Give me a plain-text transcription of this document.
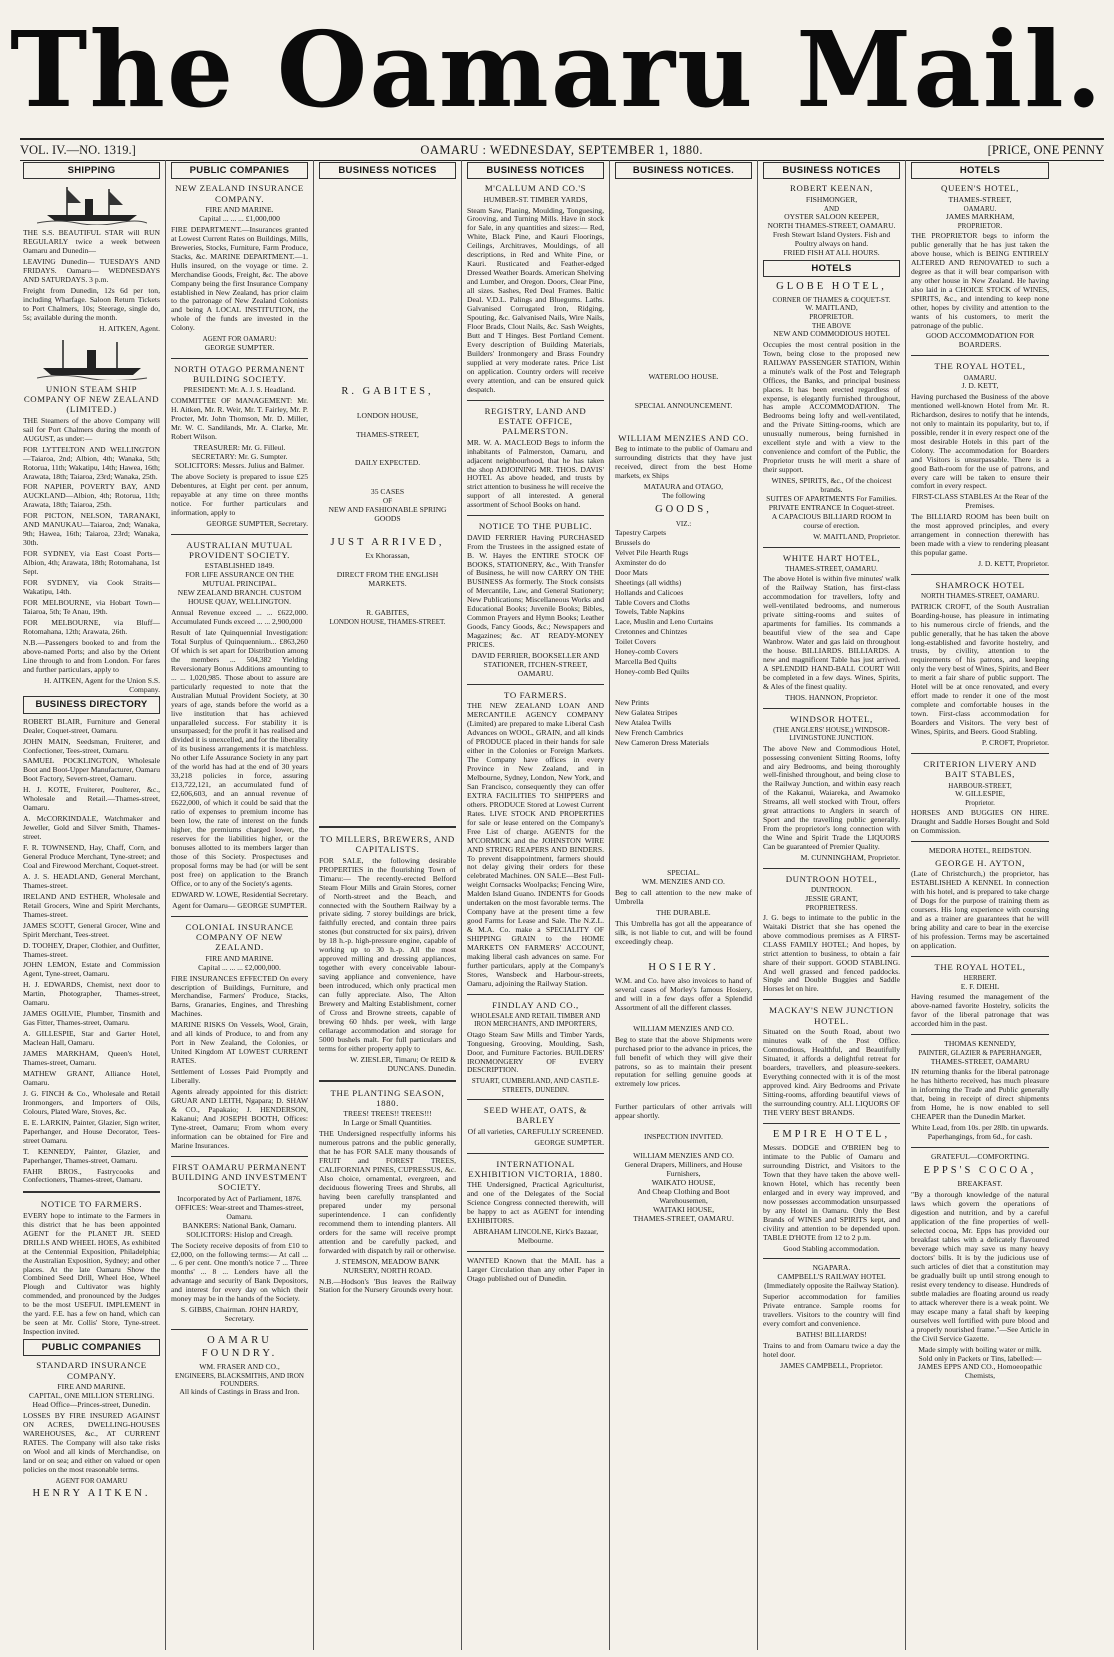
The Oamaru Mail.
VOL. IV.—NO. 1319.]	OAMARU : WEDNESDAY, SEPTEMBER 1, 1880.	[PRICE, ONE PENNY
SHIPPING

THE S.S. BEAUTIFUL STAR will RUN REGULARLY twice a week between Oamaru and Dunedin—

LEAVING Dunedin— TUESDAYS AND FRIDAYS. Oamaru— WEDNESDAYS AND SATURDAYS. 3 p.m.

Freight from Dunedin, 12s 6d per ton, including Wharfage. Saloon Return Tickets to Port Chalmers, 10s; Steerage, single do, 5s; available during the month.

H. AITKEN, Agent.
UNION STEAM SHIP COMPANY OF NEW ZEALAND (LIMITED.)

THE Steamers of the above Company will sail for Port Chalmers during the month of AUGUST, as under:—

FOR LYTTELTON AND WELLINGTON —Taiaroa, 2nd; Albion, 4th; Wanaka, 5th; Rotorua, 11th; Wakatipu, 14th; Hawea, 16th; Arawata, 18th; Taiaroa, 23rd; Wanaka, 25th.

FOR NAPIER, POVERTY BAY, AND AUCKLAND—Albion, 4th; Rotorua, 11th; Arawata, 18th; Taiaroa, 25th.

FOR PICTON, NELSON, TARANAKI, AND MANUKAU—Taiaroa, 2nd; Wanaka, 9th; Hawea, 16th; Taiaroa, 23rd; Wanaka, 30th.

FOR SYDNEY, via East Coast Ports—Albion, 4th; Arawata, 18th; Rotomahana, 1st Sept.

FOR SYDNEY, via Cook Straits—Wakatipu, 14th.

FOR MELBOURNE, via Hobart Town—Taiaroa, 5th; Te Anau, 19th.

FOR MELBOURNE, via Bluff—Rotomahana, 12th; Arawata, 26th.

N.B.—Passengers booked to and from the above-named Ports; and also by the Orient Line through to and from London. For fares and further particulars, apply to

H. AITKEN, Agent for the Union S.S. Company.
BUSINESS DIRECTORY

ROBERT BLAIR, Furniture and General Dealer, Coquet-street, Oamaru.

JOHN MAIN, Seedsman, Fruiterer, and Confectioner, Tees-street, Oamaru.

SAMUEL POCKLINGTON, Wholesale Boot and Boot-Upper Manufacturer, Oamaru Boot Factory, Severn-street, Oamaru.

H. J. KOTE, Fruiterer, Poulterer, &c., Wholesale and Retail.—Thames-street, Oamaru.

A. McCORKINDALE, Watchmaker and Jeweller, Gold and Silver Smith, Thames-street.

F. R. TOWNSEND, Hay, Chaff, Corn, and General Produce Merchant, Tyne-street; and Coal and Firewood Merchant, Coquet-street.

A. J. S. HEADLAND, General Merchant, Thames-street.

IRELAND AND ESTHER, Wholesale and Retail Grocers, Wine and Spirit Merchants, Thames-street.

JAMES SCOTT, General Grocer, Wine and Spirit Merchant, Tees-street.

D. TOOHEY, Draper, Clothier, and Outfitter, Thames-street.

JOHN LEMON, Estate and Commission Agent, Tyne-street, Oamaru.

H. J. EDWARDS, Chemist, next door to Martin, Photographer, Thames-street, Oamaru.

JAMES OGILVIE, Plumber, Tinsmith and Gas Fitter, Thames-street, Oamaru.

A. GILLESPIE, Star and Garter Hotel, Maclean Hall, Oamaru.

JAMES MARKHAM, Queen's Hotel, Thames-street, Oamaru.

MATHEW GRANT, Alliance Hotel, Oamaru.

J. G. FINCH & Co., Wholesale and Retail Ironmongers, and Importers of Oils, Colours, Plated Ware, Stoves, &c.

E. E. LARKIN, Painter, Glazier, Sign writer, Paperhanger, and House Decorator, Tees-street Oamaru.

T. KENNEDY, Painter, Glazier, and Paperhanger, Thames-street, Oamaru.

FAHR BROS., Fastrycooks and Confectioners, Thames-street, Oamaru.

NOTICE TO FARMERS.

EVERY hope to intimate to the Farmers in this district that he has been appointed AGENT for the PLANET JR. SEED DRILLS AND WHEEL HOES, As exhibited at the Centennial Exposition, Philadelphia; the Australian Exposition, Sydney; and other places. At the late Oamaru Show the Combined Seed Drill, Wheel Hoe, Wheel Plough and Cultivator was highly commended, and pronounced by the Judges to be the most USEFUL IMPLEMENT in the yard. F.E. has a few on hand, which can be seen at Mr. Collis' Store, Tyne-street. Inspection invited.

PUBLIC COMPANIES
STANDARD INSURANCE COMPANY.
FIRE AND MARINE.
CAPITAL, ONE MILLION STERLING.
Head Office—Princes-street, Dunedin.

LOSSES BY FIRE INSURED AGAINST ON ACRES, DWELLING-HOUSES WAREHOUSES, &c., AT CURRENT RATES. The Company will also take risks on Wool and all kinds of Merchandise, on land or on sea; and either on valued or open policies on the most reasonable terms.

AGENT FOR OAMARU
HENRY AITKEN.
PUBLIC COMPANIES
NEW ZEALAND INSURANCE COMPANY.
FIRE AND MARINE.
Capital ... ... ... £1,000,000

FIRE DEPARTMENT.—Insurances granted at Lowest Current Rates on Buildings, Mills, Breweries, Stocks, Furniture, Farm Produce, Stacks, &c. MARINE DEPARTMENT.—1. Hulls insured, on the voyage or time. 2. Merchandise Goods, Freight, &c. The above Company being the first Insurance Company established in New Zealand, has prior claim to the patronage of New Zealand Colonists and being A LOCAL INSTITUTION, the whole of the funds are invested in the Colony.

AGENT FOR OAMARU:
GEORGE SUMPTER.
NORTH OTAGO PERMANENT BUILDING SOCIETY.
PRESIDENT: Mr. A. J. S. Headland.

COMMITTEE OF MANAGEMENT: Mr. H. Aitken, Mr. R. Weir, Mr. T. Fairley, Mr. P. Procter, Mr. John Thomson, Mr. D. Miller, Mr. W. C. Sandilands, Mr. A. Clarke, Mr. Robert Wilson.

TREASURER: Mr. G. Filleul.
SECRETARY: Mr. G. Sumpter.
SOLICITORS: Messrs. Julius and Balmer.

The above Society is prepared to issue £25 Debentures, at Eight per cent. per annum, repayable at any time on three months notice. For further particulars and information, apply to

GEORGE SUMPTER, Secretary.
AUSTRALIAN MUTUAL PROVIDENT SOCIETY.
ESTABLISHED 1849.
FOR LIFE ASSURANCE ON THE MUTUAL PRINCIPAL.
NEW ZEALAND BRANCH. CUSTOM HOUSE QUAY, WELLINGTON.

Annual Revenue exceed ... ... £622,000. Accumulated Funds exceed ... ... 2,900,000

Result of late Quinquennial Investigation: Total Surplus of Quinquennium... £863,260 Of which is set apart for Distribution among the members ... 504,382 Yielding Reversionary Bonus Additions amounting to ... ... 1,020,985. Those about to assure are particularly requested to note that the Australian Mutual Provident Society, at 30 years of age, stands before the world as a live institution that has achieved unparalleled success. For stability it is unsurpassed; for the profit it has realised and divided it is unexcelled, and for the liberality of its business arrangements it is matchless. No other Life Assurance Society in any part of the world has had at the end of 30 years 33,218 policies in force, assuring £13,722,121, an accumulated fund of £2,606,603, and an annual revenue of £622,000, of which it could be said that the ratio of expenses to premium income has been low, the rate of interest on the funds higher, the premiums charged lower, the reserves for the liabilities higher, or the bonuses allotted to its members larger than those of this Society. Prospectuses and proposal forms may be had (or will be sent post free) on application to the Branch Office, or to any of the Society's agents.

EDWARD W. LOWE, Residential Secretary.
Agent for Oamaru— GEORGE SUMPTER.
COLONIAL INSURANCE COMPANY OF NEW ZEALAND.
FIRE AND MARINE.
Capital ... ... ... £2,000,000.

FIRE INSURANCES EFFECTED On every description of Buildings, Furniture, and Merchandise, Farmers' Produce, Stacks, Barns, Granaries, Engines, and Threshing Machines.

MARINE RISKS On Vessels, Wool, Grain, and all kinds of Produce, to and from any Port in New Zealand, the Colonies, or United Kingdom AT LOWEST CURRENT RATES.

Settlement of Losses Paid Promptly and Liberally.

Agents already appointed for this district: GRUAR AND LEITH, Ngapara; D. SHAW & CO., Papakaio; J. HENDERSON, Kakanui; And JOSEPH BOOTH, Offices: Tyne-street, Oamaru; From whom every information can be obtained for Fire and Marine Insurances.

FIRST OAMARU PERMANENT BUILDING AND INVESTMENT SOCIETY.
Incorporated by Act of Parliament, 1876.
OFFICES: Wear-street and Thames-street, Oamaru.
BANKERS: National Bank, Oamaru.
SOLICITORS: Hislop and Creagh.

The Society receive deposits of from £10 to £2,000, on the following terms:— At call ... ... 6 per cent. One month's notice 7 ... Three months' ... 8 ... Lenders have all the advantage and security of Bank Depositors, and interest for every day on which their money may be in the hands of the Society.

S. GIBBS, Chairman. JOHN HARDY, Secretary.
OAMARU FOUNDRY.
WM. FRASER AND CO.,
ENGINEERS, BLACKSMITHS, AND IRON FOUNDERS.
All kinds of Castings in Brass and Iron.
BUSINESS NOTICES
R. GABITES,
LONDON HOUSE,
THAMES-STREET,
DAILY EXPECTED.
35 CASES
OF
NEW AND FASHIONABLE SPRING GOODS
JUST ARRIVED,
Ex Khorassan,
DIRECT FROM THE ENGLISH MARKETS.
R. GABITES,
LONDON HOUSE, THAMES-STREET.
TO MILLERS, BREWERS, AND CAPITALISTS.

FOR SALE, the following desirable PROPERTIES in the flourishing Town of Timaru:— The recently-erected Belford Steam Flour Mills and Grain Stores, corner of North-street and the Beach, and connected with the Southern Railway by a private siding. 7 storey buildings are brick, faithfully erected, and contain three pairs stones (but constructed for six pairs), driven by 18 h.-p. high-pressure engine, capable of working up to 30 h.-p. All the most approved milling and dressing appliances, together with every conceivable labour-saving appliance and convenience, have been introduced, which only practical men can fully appreciate. Also, The Alton Brewery and Malting Establishment, corner of Cross and Browne streets, capable of brewing 60 hhds. per week, with large cellarage accommodation and storage for 5000 bushels malt. For full particulars and terms for either property apply to

W. ZIESLER, Timaru; Or REID & DUNCANS. Dunedin.
THE PLANTING SEASON, 1880.
TREES! TREES!! TREES!!!
In Large or Small Quantities.

THE Undersigned respectfully informs his numerous patrons and the public generally, that he has FOR SALE many thousands of FRUIT and FOREST TREES, CALIFORNIAN PINES, CUPRESSUS, &c. Also choice, ornamental, evergreen, and deciduous flowering Trees and Shrubs, all having been carefully transplanted and prepared under my personal superintendence. I can confidently recommend them to intending planters. All orders for the same will receive prompt attention and be carefully packed, and forwarded with dispatch by rail or otherwise.

J. STEMSON, MEADOW BANK NURSERY, NORTH ROAD.

N.B.—Hodson's 'Bus leaves the Railway Station for the Nursery Grounds every hour.

BUSINESS NOTICES
M'CALLUM AND CO.'S
HUMBER-ST. TIMBER YARDS,

Steam Saw, Planing, Moulding, Tonguesing, Grooving, and Turning Mills. Have in stock for Sale, in any quantities and sizes:— Red, White, Black Pine, and Kauri Floorings, Ceilings, Architraves, Mouldings, of all descriptions, in Red and White Pine, or Kauri. Rusticated and Feather-edged Dressed Weather Boards. American Shelving and Lumber, and Oregon. Doors, Clear Pine, all sizes. Sashes, Red Deal Frames. Baltic Deal. V.D.L. Palings and Bluegums. Laths. Galvanised Corrugated Iron, Ridging, Spouting, &c. Galvanised Nails, Wire Nails, Floor Brads, Clout Nails, &c. Sash Weights, Butt and T Hinges. Best Portland Cement. Every description of Building Materials, Builders' Ironmongery and Brass Foundry supplied at very moderate rates. Price List on application. Country orders will receive every attention, and can be ensured quick despatch.

REGISTRY, LAND AND ESTATE OFFICE, PALMERSTON.

MR. W. A. MACLEOD Begs to inform the inhabitants of Palmerston, Oamaru, and adjacent neighbourhood, that he has taken the shop ADJOINING MR. THOS. DAVIS' HOTEL As above headed, and trusts by strict attention to business he will receive the support of all interested. A general assortment of School Books on hand.

NOTICE TO THE PUBLIC.

DAVID FERRIER Having PURCHASED From the Trustees in the assigned estate of B. W. Hayes the ENTIRE STOCK OF BOOKS, STATIONERY, &c., With Transfer of Business, he will now CARRY ON THE BUSINESS As formerly. The Stock consists of Mercantile, Law, and General Stationery; New Publications; Miscellaneous Works and Educational Books; Juvenile Books; Bibles, Common Prayers and Hymn Books; Leather Goods, Fancy Goods, &c.; Newspapers and Magazines; &c. AT READY-MONEY PRICES.

DAVID FERRIER, BOOKSELLER AND STATIONER, ITCHEN-STREET, OAMARU.
TO FARMERS.

THE NEW ZEALAND LOAN AND MERCANTILE AGENCY COMPANY (Limited) are prepared to make Liberal Cash Advances on WOOL, GRAIN, and all kinds of PRODUCE placed in their hands for sale either in the Colonies or Foreign Markets. The Company have offices in every Province in New Zealand, and in Melbourne, Sydney, London, New York, and San Francisco, consequently they can offer EXTRA FACILITIES TO SHIPPERS and others. PRODUCE Stored at Lowest Current Rates. LIVE STOCK AND PROPERTIES for sale or lease entered on the Company's Free List of charge. AGENTS for the M'CORMICK and the JOHNSTON WIRE AND STRING REAPERS AND BINDERS. To prevent disappointment, farmers should not delay giving their orders for these celebrated Machines. ON SALE—Best Full-weight Cornsacks Woolpacks; Fencing Wire, Malden Island Guano. INDENTS for Goods undertaken on the most favorable terms. The Company have at the present time a few good Farms for Lease and Sale. The N.Z.L. & M.A. Co. make a SPECIALITY OF SHIPPING GRAIN to the HOME MARKETS ON FARMERS' ACCOUNT, making liberal cash advances on same. For further particulars, apply at the Company's Stores, Wansbeck and Harbour-streets, Oamaru, adjoining the Railway Station.

FINDLAY AND CO.,
WHOLESALE AND RETAIL TIMBER AND IRON MERCHANTS, AND IMPORTERS,

Otago Steam Saw Mills and Timber Yards, Tonguesing, Grooving, Moulding, Sash, Door, and Furniture Factories. BUILDERS' IRONMONGERY OF EVERY DESCRIPTION.

STUART, CUMBERLAND, AND CASTLE-STREETS, DUNEDIN.
SEED WHEAT, OATS, & BARLEY
Of all varieties, CAREFULLY SCREENED.
GEORGE SUMPTER.
INTERNATIONAL EXHIBITION VICTORIA, 1880.

THE Undersigned, Practical Agriculturist, and one of the Delegates of the Social Science Congress connected therewith, will be happy to act as AGENT for intending EXHIBITORS.

ABRAHAM LINCOLNE, Kirk's Bazaar, Melbourne.

WANTED Known that the MAIL has a Larger Circulation than any other Paper in Otago published out of Dunedin.

BUSINESS NOTICES.
WATERLOO HOUSE.
SPECIAL ANNOUNCEMENT.
WILLIAM MENZIES AND CO.

Beg to intimate to the public of Oamaru and surrounding districts that they have just received, direct from the best Home markets, ex Ships

MATAURA and OTAGO,
The following
GOODS,
VIZ.:
Tapestry Carpets
Brussels do
Velvet Pile Hearth Rugs
Axminster do do
Door Mats
Sheetings (all widths)
Hollands and Calicoes
Table Covers and Cloths
Towels, Table Napkins
Lace, Muslin and Leno Curtains
Cretonnes and Chintzes
Toilet Covers
Honey-comb Covers
Marcella Bed Quilts
Honey-comb Bed Quilts
New Prints
New Galatea Stripes
New Atalea Twills
New French Cambrics
New Cameron Dress Materials
SPECIAL.
WM. MENZIES AND CO.

Beg to call attention to the new make of Umbrella

THE DURABLE.

This Umbrella has got all the appearance of silk, is not liable to cut, and will be found exceedingly cheap.

HOSIERY.

W.M. and Co. have also invoices to hand of several cases of Morley's famous Hosiery, and will in a few days offer a Splendid Assortment of all the different classes.

WILLIAM MENZIES AND CO.

Beg to state that the above Shipments were purchased prior to the advance in prices, the full benefit of which they will give their patrons, so as to maintain their present reputation for selling genuine goods at extremely low prices.

Further particulars of other arrivals will appear shortly.

INSPECTION INVITED.
WILLIAM MENZIES AND CO.
General Drapers, Milliners, and House Furnishers,
WAIKATO HOUSE,
And Cheap Clothing and Boot Warehousemen,
WAITAKI HOUSE,
THAMES-STREET, OAMARU.
BUSINESS NOTICES
ROBERT KEENAN,
FISHMONGER,
AND
OYSTER SALOON KEEPER,
NORTH THAMES-STREET, OAMARU.
Fresh Stewart Island Oysters. Fish and Poultry always on hand.
FRIED FISH AT ALL HOURS.
HOTELS
GLOBE HOTEL,
CORNER OF THAMES & COQUET-ST.
W. MAITLAND,
PROPRIETOR.
THE ABOVE
NEW AND COMMODIOUS HOTEL

Occupies the most central position in the Town, being close to the proposed new RAILWAY PASSENGER STATION, Within a minute's walk of the Post and Telegraph Offices, the Banks, and principal business places. It has been erected regardless of expense, is elegantly furnished throughout, has ample ACCOMMODATION. The Bedrooms being lofty and well-ventilated, and the Private Sitting-rooms, which are unusually numerous, being furnished in excellent style and with a view to the convenience and comfort of the Public, the Proprietor trusts he will merit a share of their support.

WINES, SPIRITS, &c., Of the choicest brands.
SUITES OF APARTMENTS For Families.
PRIVATE ENTRANCE In Coquet-street.
A CAPACIOUS BILLIARD ROOM In course of erection.
W. MAITLAND, Proprietor.
WHITE HART HOTEL,
THAMES-STREET, OAMARU.

The above Hotel is within five minutes' walk of the Railway Station, has first-class accommodation for travellers, lofty and well-ventilated bedrooms, and numerous private sitting-rooms and suites of apartments for families. Its commands a beautiful view of the sea and Cape Wanbrow. Water and gas laid on throughout the house. BILLIARDS. BILLIARDS. A new and magnificent Table has just arrived. A SPLENDID HAND-BALL COURT Will be completed in a few days. Wines, Spirits, & Ales of the finest quality.

THOS. HANNON, Proprietor.
WINDSOR HOTEL,
(THE ANGLERS' HOUSE,) WINDSOR-LIVINGSTONE JUNCTION.

The above New and Commodious Hotel, possessing convenient Sitting Rooms, lofty and airy Bedrooms, and being thoroughly well-finished throughout, and being close to the Railway Junction, and within easy reach of the Kakanui, Waiareka, and Awamoko Streams, all well stocked with Trout, offers great attractions to Anglers in search of Sport and the travelling public generally. From the proprietor's long connection with the Wine and Spirit Trade the LIQUORS Can be guaranteed of Premier Quality.

M. CUNNINGHAM, Proprietor.
DUNTROON HOTEL,
DUNTROON.
JESSIE GRANT,
PROPRIETRESS.

J. G. begs to intimate to the public in the Waitaki District that she has opened the above commodious premises as A FIRST-CLASS FAMILY HOTEL; And hopes, by strict attention to business, to obtain a fair share of their support. GOOD STABLING. And well grassed and fenced paddocks. Single and Double Buggies and Saddle Horses let on hire.

MACKAY'S NEW JUNCTION HOTEL.

Situated on the South Road, about two minutes walk of the Post Office. Commodious, Healthful, and Beautifully Situated, it affords a delightful retreat for boarders, travellers, and pleasure-seekers. Everything connected with it is of the most approved kind. Airy Bedrooms and Private Sitting-rooms, affording beautiful views of the surrounding country. ALL LIQUORS OF THE VERY BEST BRANDS.

EMPIRE HOTEL,

Messrs. DODGE and O'BRIEN beg to intimate to the Public of Oamaru and surrounding District, and Visitors to the Town that they have taken the above well-known Hotel, which has recently been enlarged and in every way improved, and now possesses accommodation unsurpassed by any Hotel in Oamaru. Only the Best Brands of WINES and SPIRITS kept, and civility and attention to be depended upon. TABLE D'HOTE from 12 to 2 p.m.

Good Stabling accommodation.
NGAPARA.
CAMPBELL'S RAILWAY HOTEL (Immediately opposite the Railway Station).

Superior accommodation for families Private entrance. Sample rooms for travellers. Visitors to the country will find every comfort and convenience.

BATHS! BILLIARDS!

Trains to and from Oamaru twice a day the hotel door.

JAMES CAMPBELL, Proprietor.
HOTELS
QUEEN'S HOTEL,
THAMES-STREET,
OAMARU.
JAMES MARKHAM,
PROPRIETOR.

THE PROPRIETOR begs to inform the public generally that he has just taken the above house, which is BEING ENTIRELY ALTERED AND RENOVATED to such a degree as that it will bear comparison with any other house in New Zealand. He having also laid in a CHOICE STOCK of WINES, SPIRITS, &c., and intending to keep none other, hopes by civility and attention to the wants of his customers, to merit the patronage of the public.

GOOD ACCOMMODATION FOR BOARDERS.
THE ROYAL HOTEL,
OAMARU.
J. D. KETT,

Having purchased the Business of the above mentioned well-known Hotel from Mr. R. Richardson, desires to notify that he intends, not only to maintain its popularity, but to, if possible, render it in every respect one of the most desirable Hotels in this part of the Colony. The accommodation for Boarders and Visitors is unsurpassable. There is a good Bath-room for the use of patrons, and every care will be taken to ensure their comfort in every respect.

FIRST-CLASS STABLES At the Rear of the Premises.

The BILLIARD ROOM has been built on the most approved principles, and every arrangement in connection therewith has been made with a view to rendering pleasant this popular game.

J. D. KETT, Proprietor.
SHAMROCK HOTEL
NORTH THAMES-STREET, OAMARU.

PATRICK CROFT, of the South Australian Boarding-house, has pleasure in intimating to his numerous circle of friends, and the public generally, that he has taken the above long-established and favorite hostelry, and trusts, by civility, attention to the requirements of his patrons, and keeping only the very best of Wines, Spirits, and Beer to merit a fair share of public support. The Hotel will be at once renovated, and every effort made to render it one of the most complete and comfortable houses in the town. First-class accommodation for Boarders and Visitors. The very best of Wines, Spirits, and Beers. Good Stabling.

P. CROFT, Proprietor.
CRITERION LIVERY AND BAIT STABLES,
HARBOUR-STREET,
W. GILLESPIE,
Proprietor.

HORSES AND BUGGIES ON HIRE. Draught and Saddle Horses Bought and Sold on Commission.

MEDORA HOTEL, REIDSTON.
GEORGE H. AYTON,

(Late of Christchurch,) the proprietor, has ESTABLISHED A KENNEL In connection with his hotel, and is prepared to take charge of Dogs for the purpose of training them as coursers. His long experience with coursing and as a trainer are guarantees that he will bring ability and care to bear in the exercise of his profession. Terms may be ascertained on application.

THE ROYAL HOTEL,
HERBERT.
E. F. DIEHL

Having resumed the management of the above-named favorite Hostelry, solicits the favor of the liberal patronage that was accorded him in the past.

THOMAS KENNEDY,
PAINTER, GLAZIER & PAPERHANGER,
THAMES-STREET, OAMARU

IN returning thanks for the liberal patronage he has hitherto received, has much pleasure in informing the Trade and Public generally that, being in receipt of direct shipments from Home, he is now enabled to sell CHEAPER than the Dunedin Market.

White Lead, from 10s. per 28lb. tin upwards.
Paperhangings, from 6d., for cash.
GRATEFUL—COMFORTING.
EPPS'S COCOA,
BREAKFAST.

"By a thorough knowledge of the natural laws which govern the operations of digestion and nutrition, and by a careful application of the fine properties of well-selected cocoa, Mr. Epps has provided our breakfast tables with a delicately flavoured beverage which may save us many heavy doctors' bills. It is by the judicious use of such articles of diet that a constitution may be gradually built up until strong enough to resist every tendency to disease. Hundreds of subtle maladies are floating around us ready to attack wherever there is a weak point. We may escape many a fatal shaft by keeping ourselves well fortified with pure blood and a properly nourished frame."—See Article in the Civil Service Gazette.

Made simply with boiling water or milk.
Sold only in Packets or Tins, labelled:—
JAMES EPPS AND CO., Homoeopathic Chemists,
